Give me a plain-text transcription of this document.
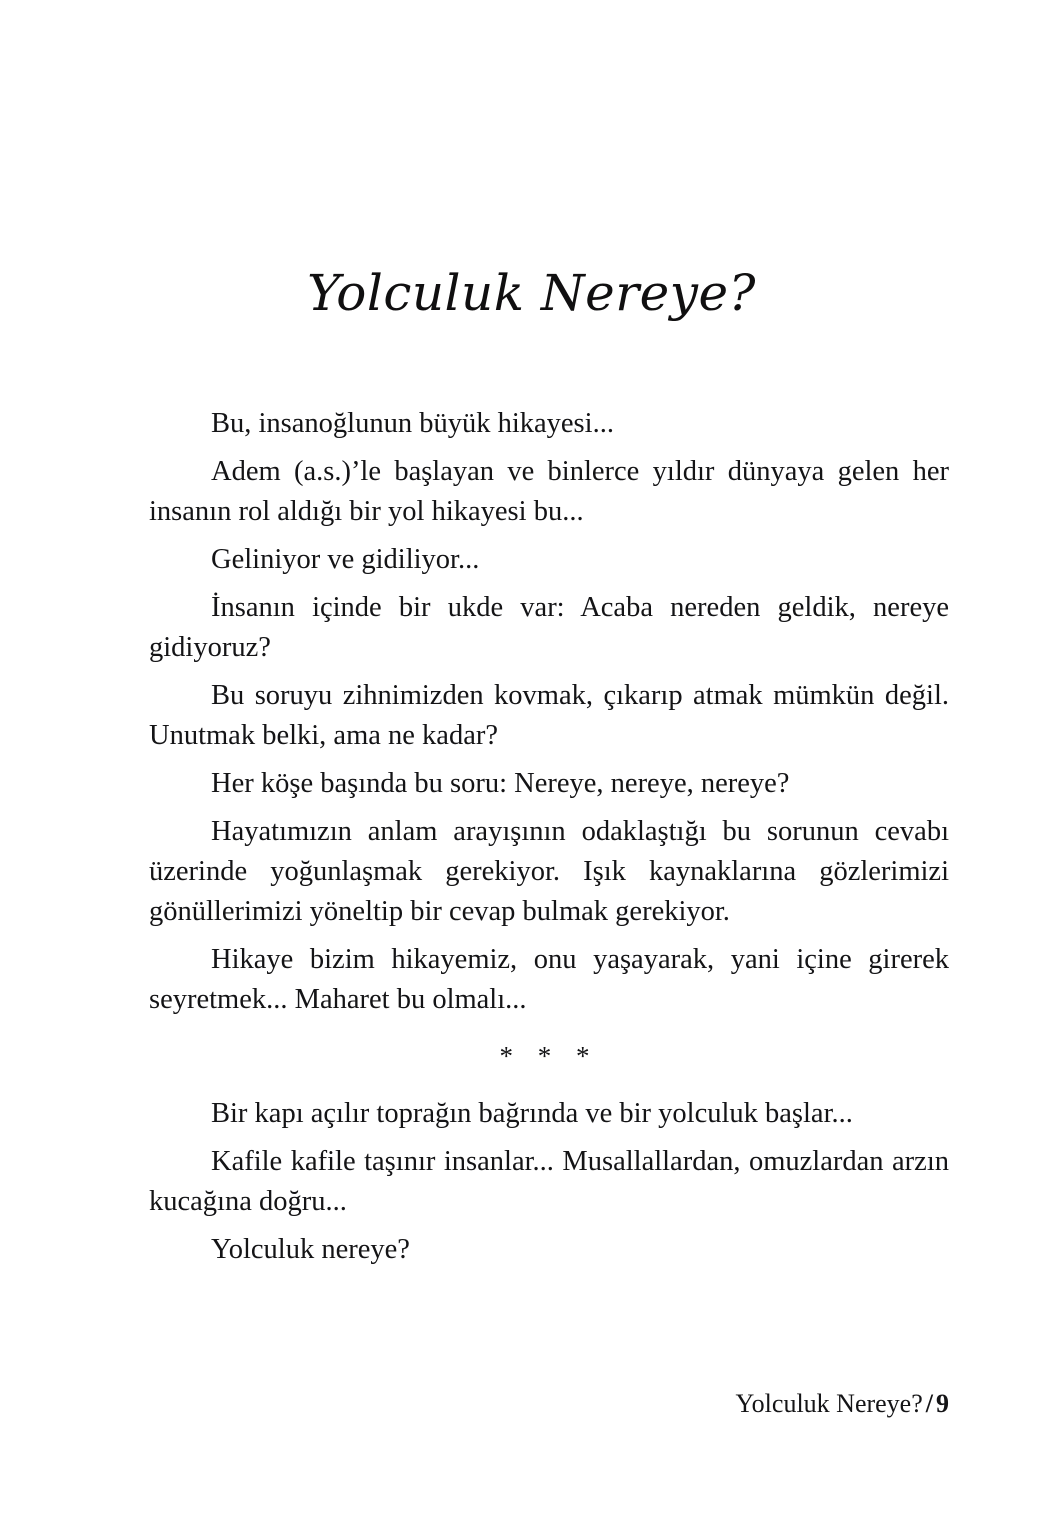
Yolculuk Nereye?

Bu, insanoğlunun büyük hikayesi...

Adem (a.s.)’le başlayan ve binlerce yıldır dünyaya gelen her insanın rol aldığı bir yol hikayesi bu...

Geliniyor ve gidiliyor...

İnsanın içinde bir ukde var: Acaba nereden geldik, nereye gidiyoruz?

Bu soruyu zihnimizden kovmak, çıkarıp atmak mümkün değil. Unutmak belki, ama ne kadar?

Her köşe başında bu soru: Nereye, nereye, nereye?

Hayatımızın anlam arayışının odaklaştığı bu sorunun cevabı üzerinde yoğunlaşmak gerekiyor. Işık kaynaklarına gözlerimizi gönüllerimizi yöneltip bir cevap bulmak gerekiyor.

Hikaye bizim hikayemiz, onu yaşayarak, yani içine girerek seyretmek... Maharet bu olmalı...

* * *

Bir kapı açılır toprağın bağrında ve bir yolculuk başlar...

Kafile kafile taşınır insanlar... Musallallardan, omuzlardan arzın kucağına doğru...

Yolculuk nereye?

Yolculuk Nereye? / 9
